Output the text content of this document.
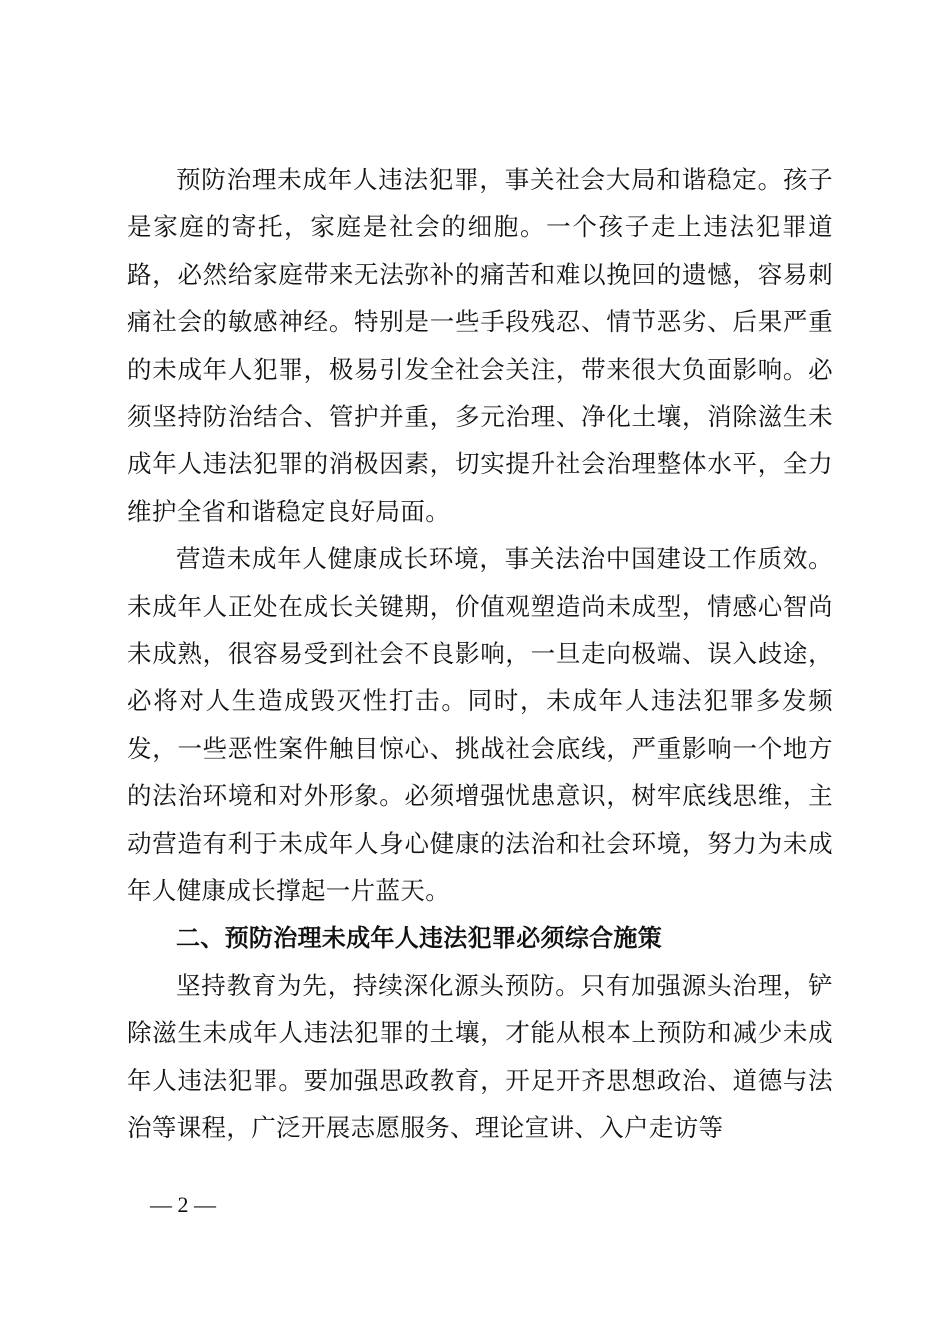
预防治理未成年人违法犯罪，事关社会大局和谐稳定。孩子是家庭的寄托，家庭是社会的细胞。一个孩子走上违法犯罪道路，必然给家庭带来无法弥补的痛苦和难以挽回的遗憾，容易刺痛社会的敏感神经。特别是一些手段残忍、情节恶劣、后果严重的未成年人犯罪，极易引发全社会关注，带来很大负面影响。必须坚持防治结合、管护并重，多元治理、净化土壤，消除滋生未成年人违法犯罪的消极因素，切实提升社会治理整体水平，全力维护全省和谐稳定良好局面。

营造未成年人健康成长环境，事关法治中国建设工作质效。未成年人正处在成长关键期，价值观塑造尚未成型，情感心智尚未成熟，很容易受到社会不良影响，一旦走向极端、误入歧途，必将对人生造成毁灭性打击。同时，未成年人违法犯罪多发频发，一些恶性案件触目惊心、挑战社会底线，严重影响一个地方的法治环境和对外形象。必须增强忧患意识，树牢底线思维，主动营造有利于未成年人身心健康的法治和社会环境，努力为未成年人健康成长撑起一片蓝天。

二、预防治理未成年人违法犯罪必须综合施策

坚持教育为先，持续深化源头预防。只有加强源头治理，铲除滋生未成年人违法犯罪的土壤，才能从根本上预防和减少未成年人违法犯罪。要加强思政教育，开足开齐思想政治、道德与法治等课程，广泛开展志愿服务、理论宣讲、入户走访等

— 2 —
